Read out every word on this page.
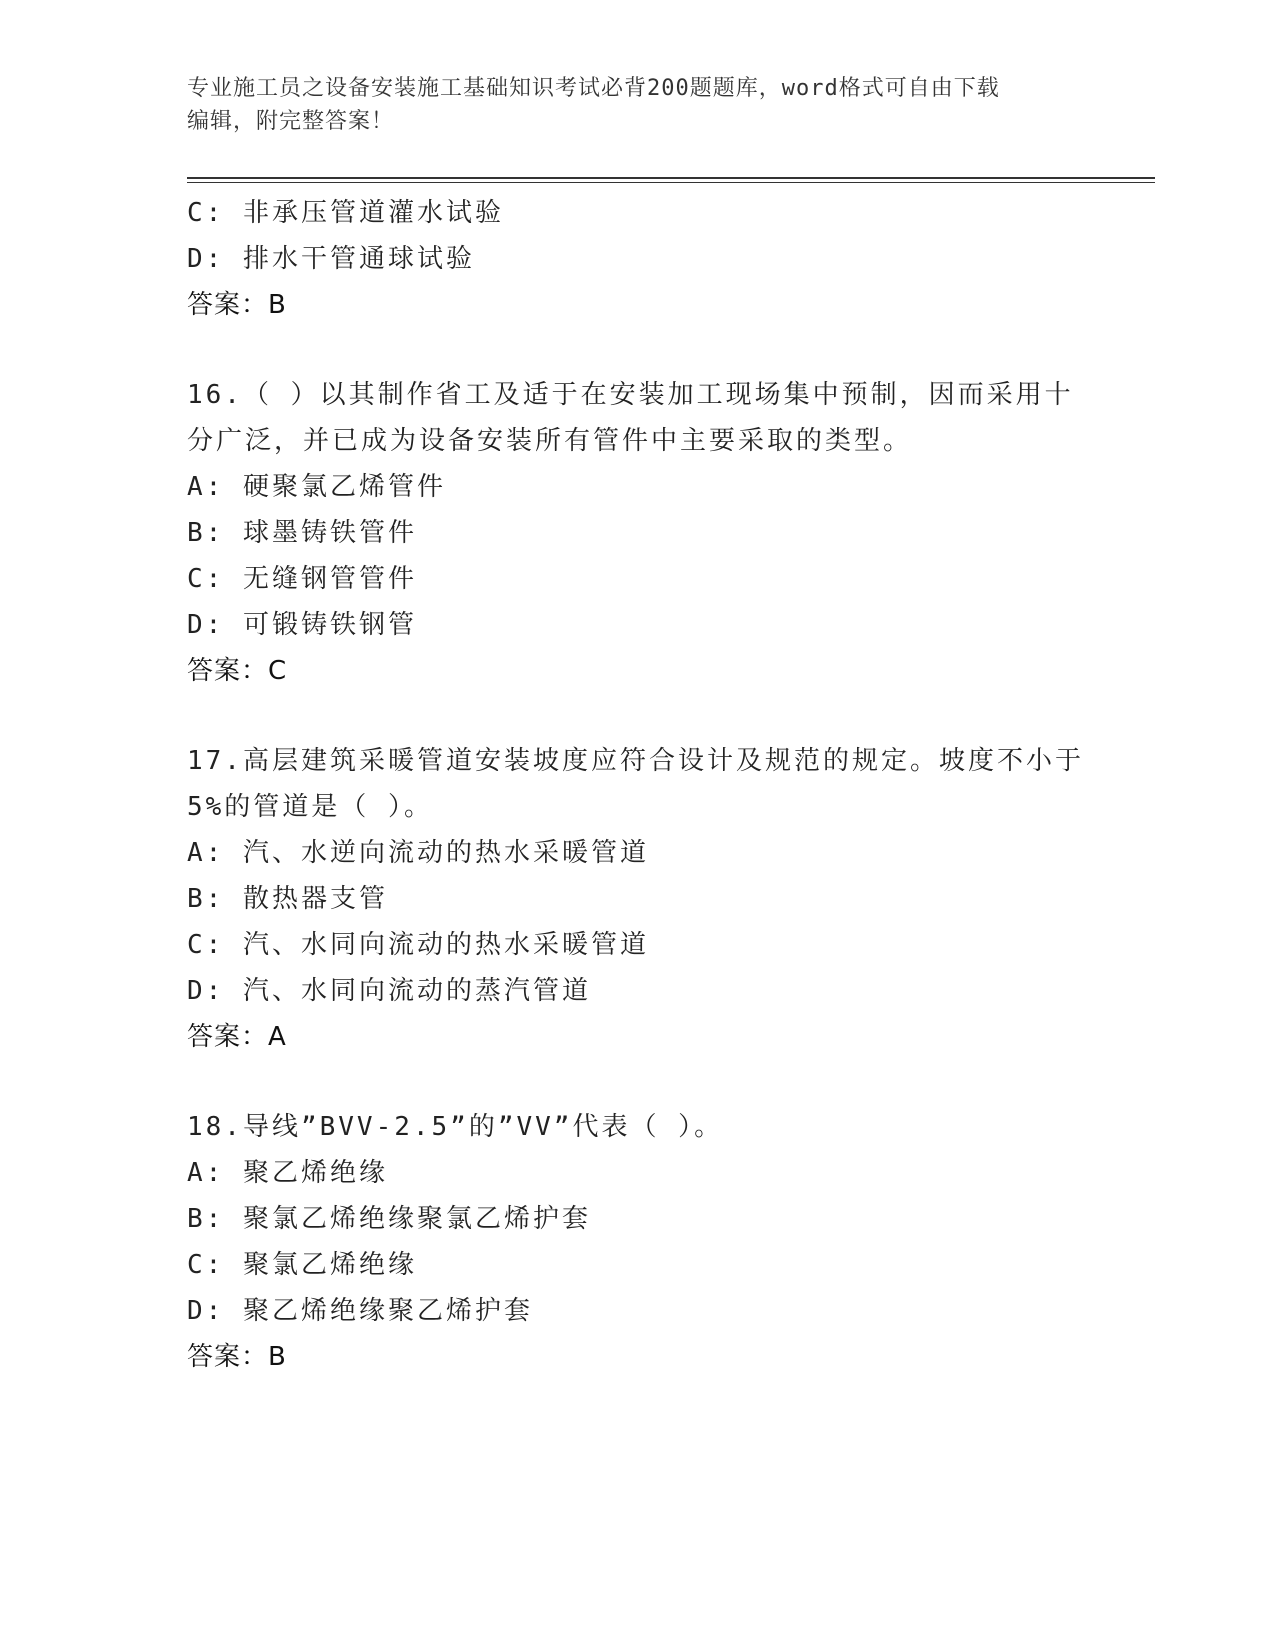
专业施工员之设备安装施工基础知识考试必背200题题库，word格式可自由下载
编辑，附完整答案！
C: 非承压管道灌水试验
D: 排水干管通球试验
答案：B
16.（ ）以其制作省工及适于在安装加工现场集中预制，因而采用十
分广泛，并已成为设备安装所有管件中主要采取的类型。
A: 硬聚氯乙烯管件
B: 球墨铸铁管件
C: 无缝钢管管件
D: 可锻铸铁钢管
答案：C
17.高层建筑采暖管道安装坡度应符合设计及规范的规定。坡度不小于
5%的管道是（ ）。
A: 汽、水逆向流动的热水采暖管道
B: 散热器支管
C: 汽、水同向流动的热水采暖管道
D: 汽、水同向流动的蒸汽管道
答案：A
18.导线”BVV-2.5”的”VV”代表（ ）。
A: 聚乙烯绝缘
B: 聚氯乙烯绝缘聚氯乙烯护套
C: 聚氯乙烯绝缘
D: 聚乙烯绝缘聚乙烯护套
答案：B
